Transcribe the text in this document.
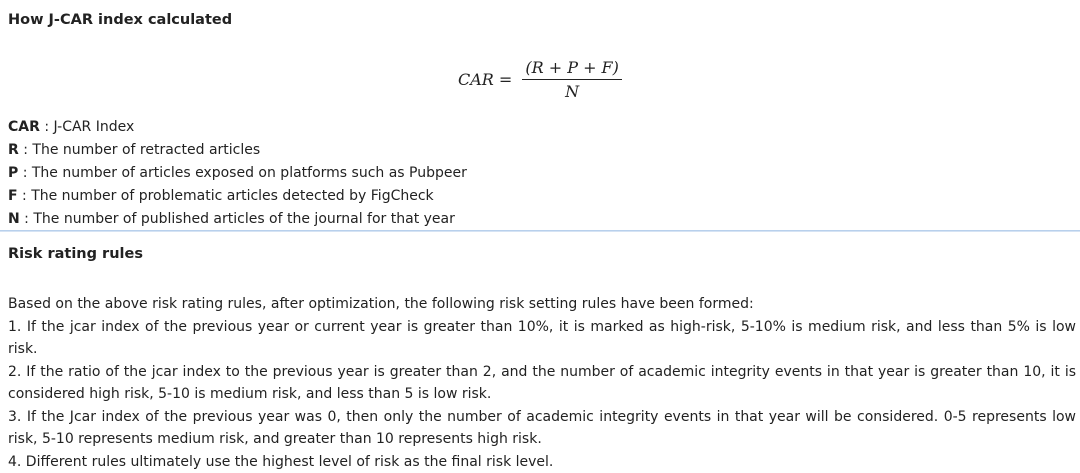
How J-CAR index calculated
CAR = $\frac{(R + P + F)}{N}$
CAR : J-CAR Index
R : The number of retracted articles
P : The number of articles exposed on platforms such as Pubpeer
F : The number of problematic articles detected by FigCheck
N : The number of published articles of the journal for that year
Risk rating rules

Based on the above risk rating rules, after optimization, the following risk setting rules have been formed:

1. If the jcar index of the previous year or current year is greater than 10%, it is marked as high-risk, 5-10% is medium risk, and less than 5% is low risk.

2. If the ratio of the jcar index to the previous year is greater than 2, and the number of academic integrity events in that year is greater than 10, it is considered high risk, 5-10 is medium risk, and less than 5 is low risk.

3. If the Jcar index of the previous year was 0, then only the number of academic integrity events in that year will be considered. 0-5 represents low risk, 5-10 represents medium risk, and greater than 10 represents high risk.

4. Different rules ultimately use the highest level of risk as the final risk level.
